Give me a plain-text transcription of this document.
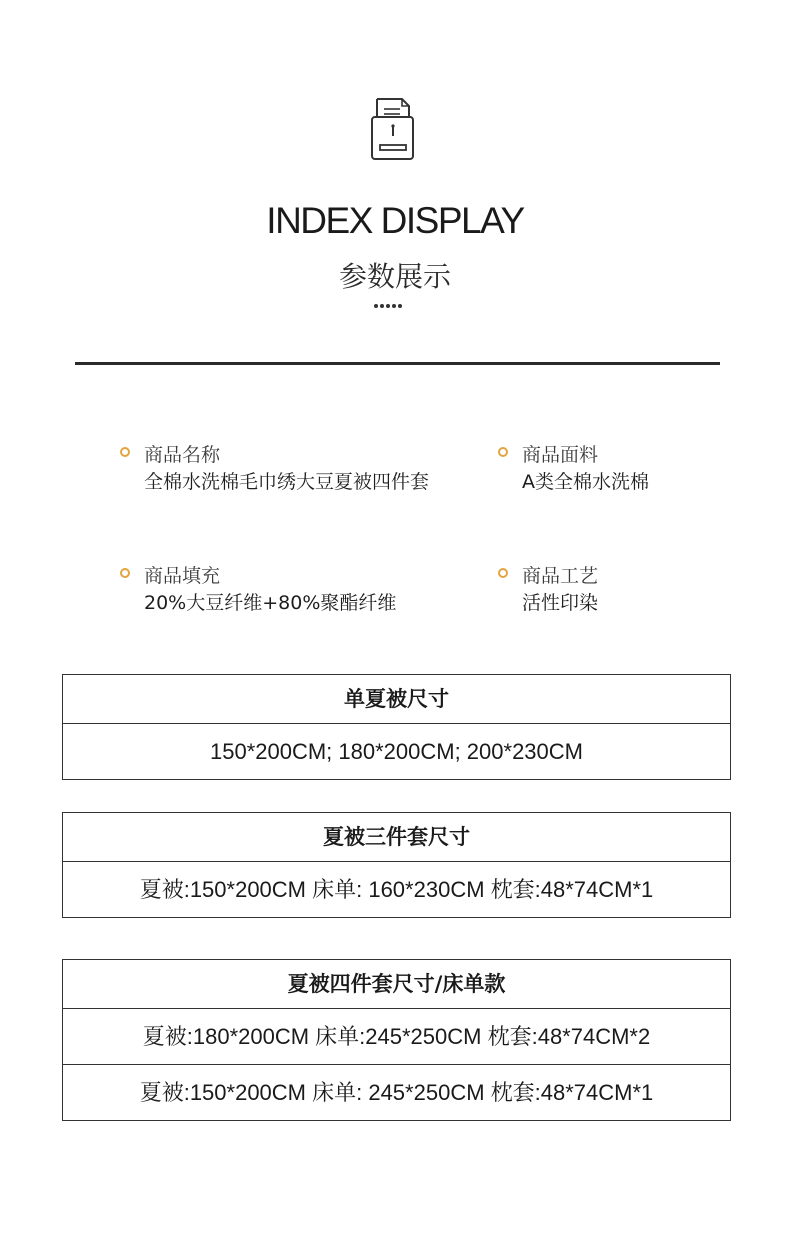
INDEX DISPLAY
参数展示
商品名称
全棉水洗棉毛巾绣大豆夏被四件套
商品面料
A类全棉水洗棉
商品填充
20%大豆纤维+80%聚酯纤维
商品工艺
活性印染
单夏被尺寸
150*200CM; 180*200CM; 200*230CM
夏被三件套尺寸
夏被:150*200CM 床单: 160*230CM 枕套:48*74CM*1
夏被四件套尺寸/床单款
夏被:180*200CM 床单:245*250CM 枕套:48*74CM*2
夏被:150*200CM 床单: 245*250CM 枕套:48*74CM*1
